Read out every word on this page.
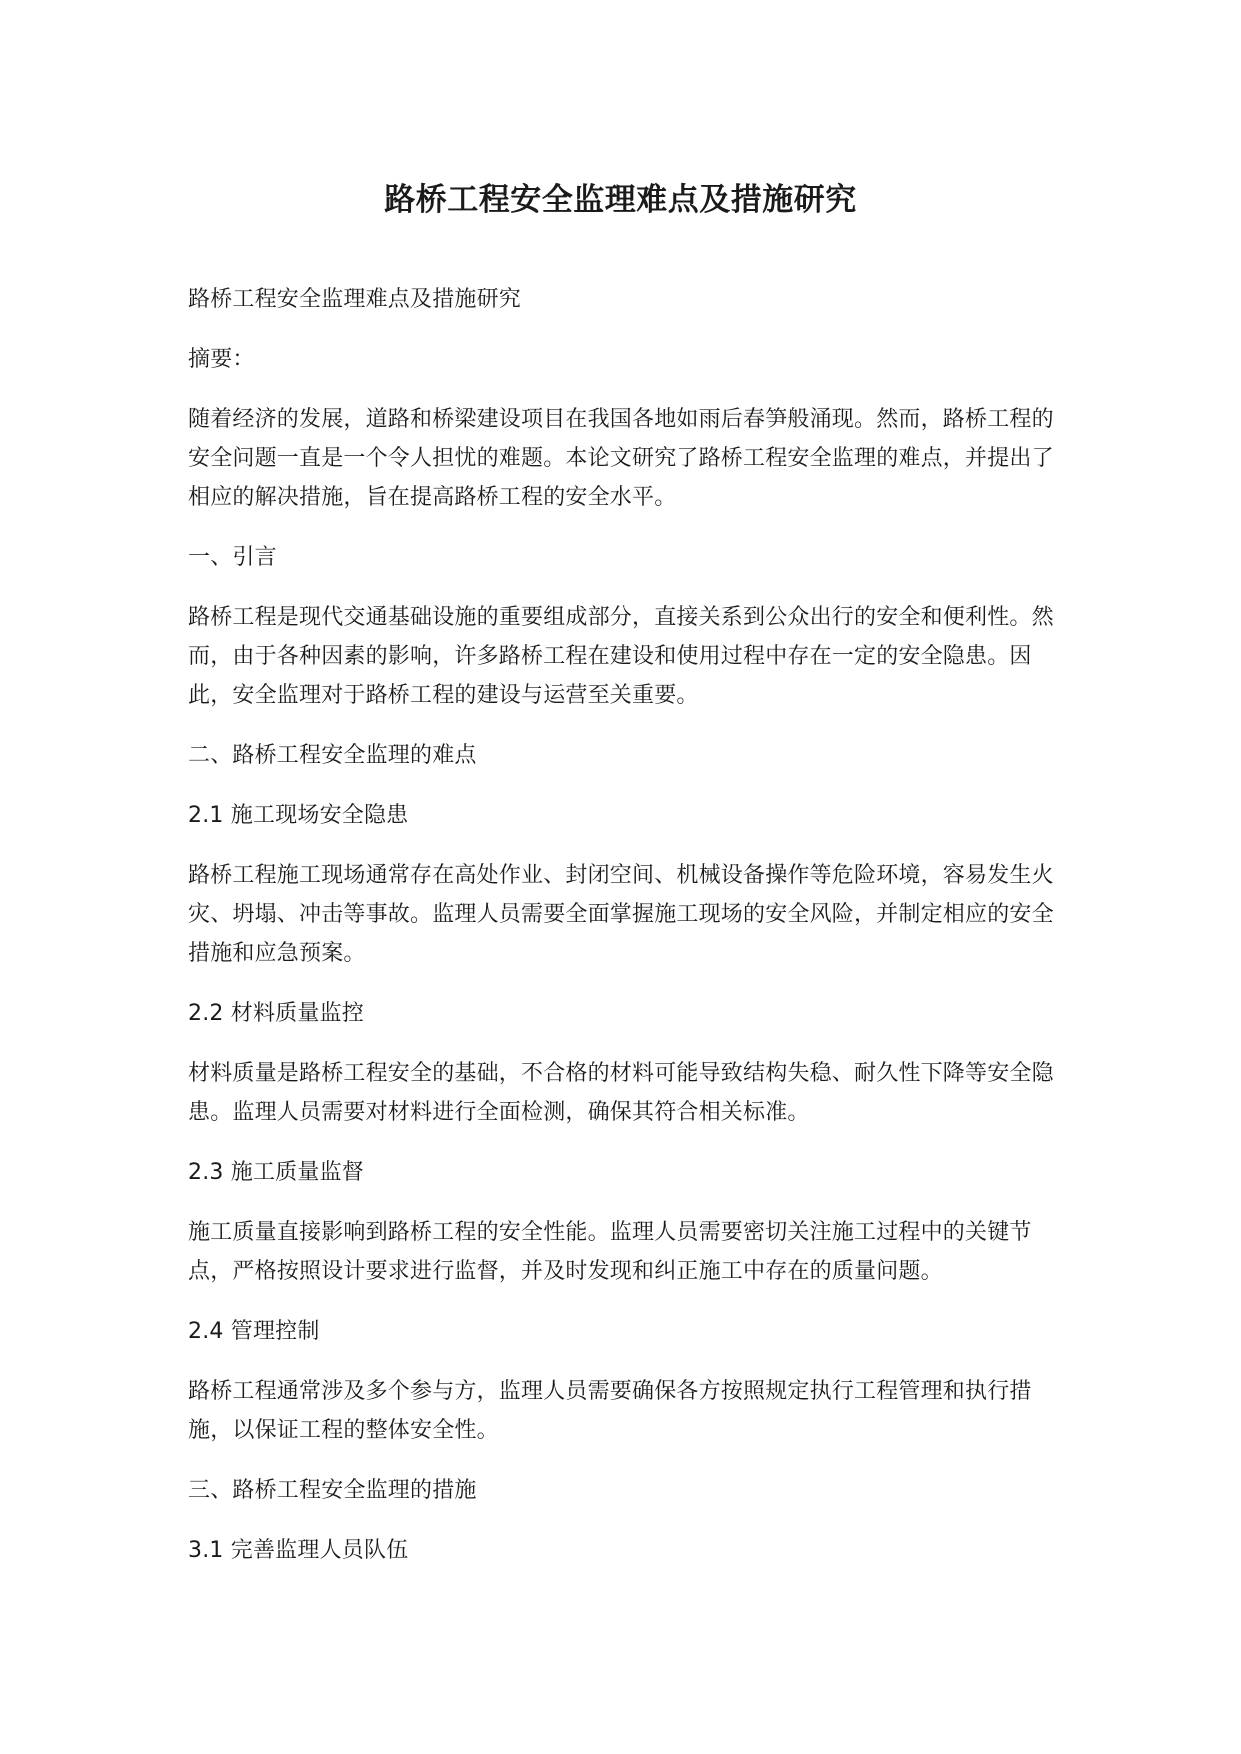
路桥工程安全监理难点及措施研究

路桥工程安全监理难点及措施研究

摘要：

随着经济的发展，道路和桥梁建设项目在我国各地如雨后春笋般涌现。然而，路桥工程的安全问题一直是一个令人担忧的难题。本论文研究了路桥工程安全监理的难点，并提出了相应的解决措施，旨在提高路桥工程的安全水平。

一、引言

路桥工程是现代交通基础设施的重要组成部分，直接关系到公众出行的安全和便利性。然而，由于各种因素的影响，许多路桥工程在建设和使用过程中存在一定的安全隐患。因此，安全监理对于路桥工程的建设与运营至关重要。

二、路桥工程安全监理的难点

2.1 施工现场安全隐患

路桥工程施工现场通常存在高处作业、封闭空间、机械设备操作等危险环境，容易发生火灾、坍塌、冲击等事故。监理人员需要全面掌握施工现场的安全风险，并制定相应的安全措施和应急预案。

2.2 材料质量监控

材料质量是路桥工程安全的基础，不合格的材料可能导致结构失稳、耐久性下降等安全隐患。监理人员需要对材料进行全面检测，确保其符合相关标准。

2.3 施工质量监督

施工质量直接影响到路桥工程的安全性能。监理人员需要密切关注施工过程中的关键节点，严格按照设计要求进行监督，并及时发现和纠正施工中存在的质量问题。

2.4 管理控制

路桥工程通常涉及多个参与方，监理人员需要确保各方按照规定执行工程管理和执行措施，以保证工程的整体安全性。

三、路桥工程安全监理的措施

3.1 完善监理人员队伍
